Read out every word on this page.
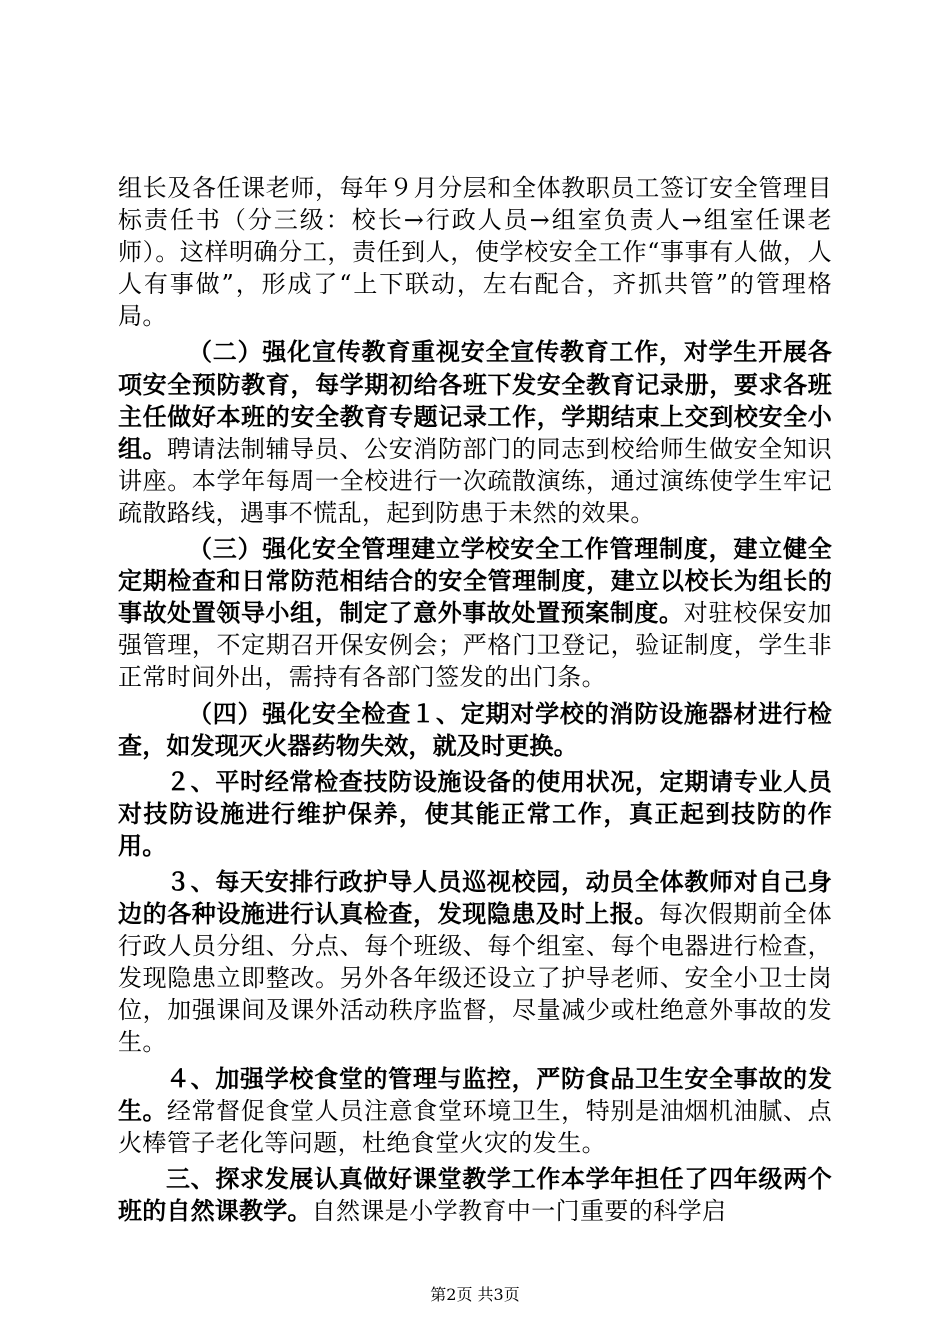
组长及各任课老师，每年９月分层和全体教职员工签订安全管理目标责任书（分三级：校长→行政人员→组室负责人→组室任课老师）。这样明确分工，责任到人，使学校安全工作“事事有人做，人人有事做”，形成了“上下联动，左右配合，齐抓共管”的管理格局。

（二）强化宣传教育重视安全宣传教育工作，对学生开展各项安全预防教育，每学期初给各班下发安全教育记录册，要求各班主任做好本班的安全教育专题记录工作，学期结束上交到校安全小组。聘请法制辅导员、公安消防部门的同志到校给师生做安全知识讲座。本学年每周一全校进行一次疏散演练，通过演练使学生牢记疏散路线，遇事不慌乱，起到防患于未然的效果。

（三）强化安全管理建立学校安全工作管理制度，建立健全定期检查和日常防范相结合的安全管理制度，建立以校长为组长的事故处置领导小组，制定了意外事故处置预案制度。对驻校保安加强管理，不定期召开保安例会；严格门卫登记，验证制度，学生非正常时间外出，需持有各部门签发的出门条。

（四）强化安全检查１、定期对学校的消防设施器材进行检查，如发现灭火器药物失效，就及时更换。

２、平时经常检查技防设施设备的使用状况，定期请专业人员对技防设施进行维护保养，使其能正常工作，真正起到技防的作用。

３、每天安排行政护导人员巡视校园，动员全体教师对自己身边的各种设施进行认真检查，发现隐患及时上报。每次假期前全体行政人员分组、分点、每个班级、每个组室、每个电器进行检查，发现隐患立即整改。另外各年级还设立了护导老师、安全小卫士岗位，加强课间及课外活动秩序监督，尽量减少或杜绝意外事故的发生。

４、加强学校食堂的管理与监控，严防食品卫生安全事故的发生。经常督促食堂人员注意食堂环境卫生，特别是油烟机油腻、点火棒管子老化等问题，杜绝食堂火灾的发生。

三、探求发展认真做好课堂教学工作本学年担任了四年级两个班的自然课教学。自然课是小学教育中一门重要的科学启

第2页 共3页
